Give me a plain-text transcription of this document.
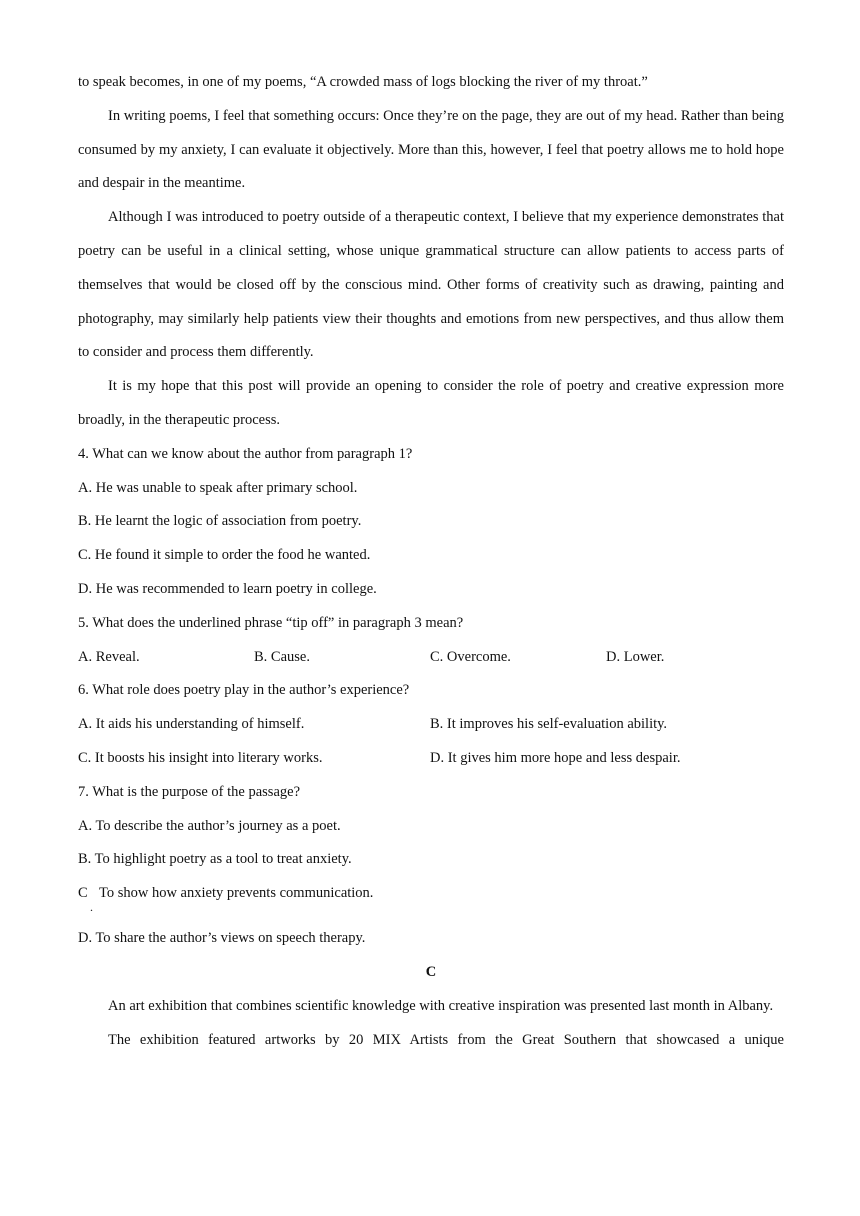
to speak becomes, in one of my poems, “A crowded mass of logs blocking the river of my throat.”

In writing poems, I feel that something occurs: Once they’re on the page, they are out of my head. Rather than being consumed by my anxiety, I can evaluate it objectively. More than this, however, I feel that poetry allows me to hold hope and despair in the meantime.

Although I was introduced to poetry outside of a therapeutic context, I believe that my experience demonstrates that poetry can be useful in a clinical setting, whose unique grammatical structure can allow patients to access parts of themselves that would be closed off by the conscious mind. Other forms of creativity such as drawing, painting and photography, may similarly help patients view their thoughts and emotions from new perspectives, and thus allow them to consider and process them differently.

It is my hope that this post will provide an opening to consider the role of poetry and creative expression more broadly, in the therapeutic process.

4. What can we know about the author from paragraph 1?
A. He was unable to speak after primary school.
B. He learnt the logic of association from poetry.
C. He found it simple to order the food he wanted.
D. He was recommended to learn poetry in college.
5. What does the underlined phrase “tip off” in paragraph 3 mean?
A. Reveal.	B. Cause.	C. Overcome.	D. Lower.
6. What role does poetry play in the author’s experience?
A. It aids his understanding of himself.	B. It improves his self-evaluation ability.
C. It boosts his insight into literary works.	D. It gives him more hope and less despair.
7. What is the purpose of the passage?
A. To describe the author’s journey as a poet.
B. To highlight poetry as a tool to treat anxiety.
C To show how anxiety prevents communication.
.
D. To share the author’s views on speech therapy.
C

An art exhibition that combines scientific knowledge with creative inspiration was presented last month in Albany.

The exhibition featured artworks by 20 MIX Artists from the Great Southern that showcased a unique
